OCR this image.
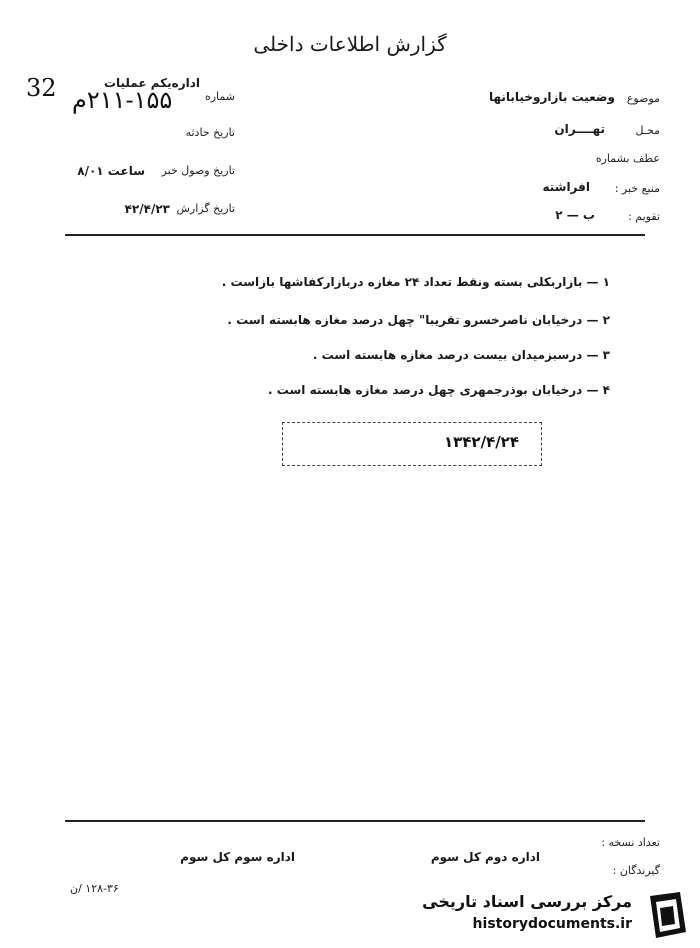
گزارش اطلاعات داخلی
32 ۲۱۱-۱۵۵م
اداره‌یکم عملیات
شماره
تاریخ حادثه
تاریخ وصول خبر
ساعت ۸/۰۱
تاریخ گزارش
۴۲/۴/۲۳
موضوع
وضعیت بازاروخیابانها
محـل
تهــــران
عطف بشماره
منبع خبر :
افراشته
تقويم :
ب — ۲
۱ — بازاربکلی بسته ونقط تعداد ۲۴ مغازه دربازارکفاشها بازاست .
۲ — درخیابان ناصرخسرو تقریبا" چهل درصد مغازه هابسته است .
۳ — درسبزمیدان بیست درصد مغازه هابسته است .
۴ — درخیابان بوذرجمهری چهل درصد مغازه هابسته است .
۱۳۴۲/۴/۲۴
تعداد نسخه :
گیرندگان :
اداره دوم کل سوم
اداره سوم کل سوم
۱۲۸-۳۶ /ن
مرکز بررسی اسناد تاریخی
historydocuments.ir
